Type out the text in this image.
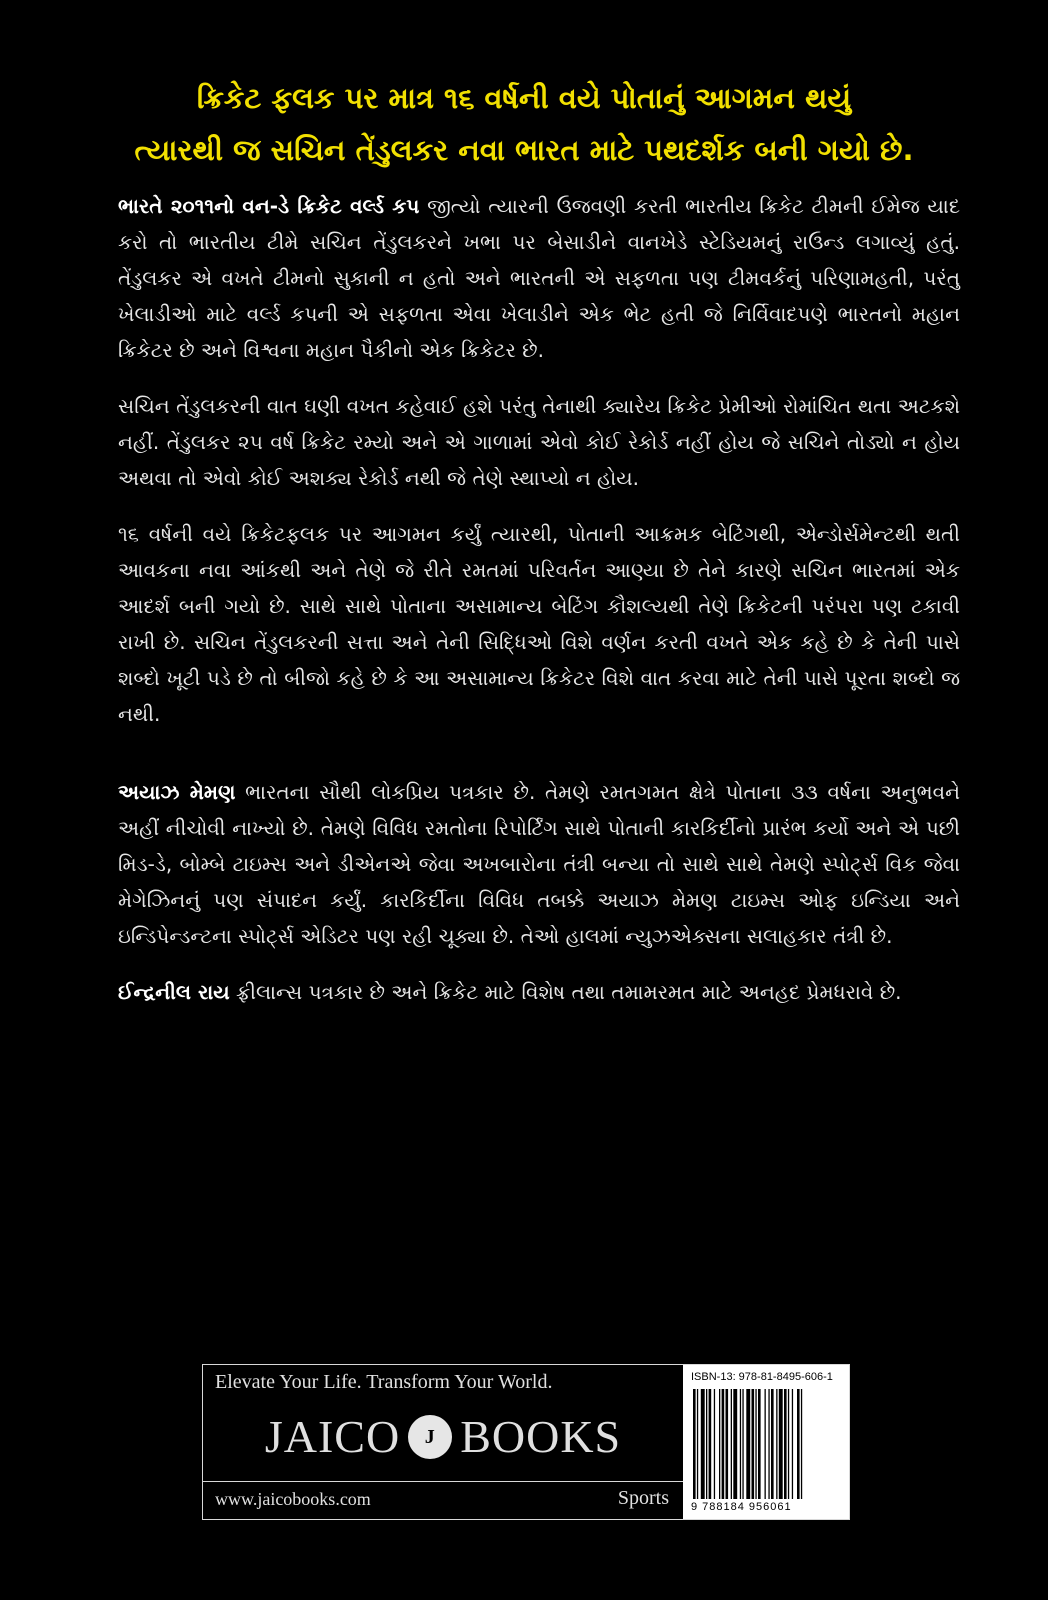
ક્રિકેટ ફલક પર માત્ર ૧૬ વર્ષની વયે પોતાનું આગમન થયું
ત્યારથી જ સચિન તેંડુલકર નવા ભારત માટે પથદર્શક બની ગયો છે.

ભારતે ૨૦૧૧નો વન-ડે ક્રિકેટ વર્લ્ડ કપ જીત્યો ત્યારની ઉજવણી કરતી ભારતીય ક્રિકેટ ટીમની ઈમેજ યાદ કરો તો ભારતીય ટીમે સચિન તેંડુલકરને ખભા પર બેસાડીને વાનખેડે સ્ટેડિયમનું રાઉન્ડ લગાવ્યું હતું. તેંડુલકર એ વખતે ટીમનો સુકાની ન હતો અને ભારતની એ સફળતા પણ ટીમવર્કનું પરિણામહતી, પરંતુ ખેલાડીઓ માટે વર્લ્ડ કપની એ સફળતા એવા ખેલાડીને એક ભેટ હતી જે નિર્વિવાદપણે ભારતનો મહાન ક્રિકેટર છે અને વિશ્વના મહાન પૈકીનો એક ક્રિકેટર છે.

સચિન તેંડુલકરની વાત ઘણી વખત કહેવાઈ હશે પરંતુ તેનાથી ક્યારેય ક્રિકેટ પ્રેમીઓ રોમાંચિત થતા અટકશે નહીં. તેંડુલકર ૨૫ વર્ષ ક્રિકેટ રમ્યો અને એ ગાળામાં એવો કોઈ રેકોર્ડ નહીં હોય જે સચિને તોડ્યો ન હોય અથવા તો એવો કોઈ અશક્ય રેકોર્ડ નથી જે તેણે સ્થાપ્યો ન હોય.

૧૬ વર્ષની વયે ક્રિકેટફલક પર આગમન કર્યું ત્યારથી, પોતાની આક્રમક બેટિંગથી, એન્ડોર્સમેન્ટથી થતી આવકના નવા આંકથી અને તેણે જે રીતે રમતમાં પરિવર્તન આણ્યા છે તેને કારણે સચિન ભારતમાં એક આદર્શ બની ગયો છે. સાથે સાથે પોતાના અસામાન્ય બેટિંગ કૌશલ્યથી તેણે ક્રિકેટની પરંપરા પણ ટકાવી રાખી છે. સચિન તેંડુલકરની સત્તા અને તેની સિદ્ધિઓ વિશે વર્ણન કરતી વખતે એક કહે છે કે તેની પાસે શબ્દો ખૂટી પડે છે તો બીજો કહે છે કે આ અસામાન્ય ક્રિકેટર વિશે વાત કરવા માટે તેની પાસે પૂરતા શબ્દો જ નથી.

અયાઝ મેમણ ભારતના સૌથી લોકપ્રિય પત્રકાર છે. તેમણે રમતગમત ક્ષેત્રે પોતાના ૩૩ વર્ષના અનુભવને અહીં નીચોવી નાખ્યો છે. તેમણે વિવિધ રમતોના રિપોર્ટિંગ સાથે પોતાની કારકિર્દીનો પ્રારંભ કર્યો અને એ પછી મિડ-ડે, બોમ્બે ટાઇમ્સ અને ડીએનએ જેવા અખબારોના તંત્રી બન્યા તો સાથે સાથે તેમણે સ્પોર્ટ્સ વિક જેવા મેગેઝિનનું પણ સંપાદન કર્યું. કારકિર્દીના વિવિધ તબક્કે અયાઝ મેમણ ટાઇમ્સ ઓફ ઇન્ડિયા અને ઇન્ડિપેન્ડન્ટના સ્પોર્ટ્સ એડિટર પણ રહી ચૂક્યા છે. તેઓ હાલમાં ન્યુઝએક્સના સલાહકાર તંત્રી છે.

ઈન્દ્રનીલ રાય ફ્રીલાન્સ પત્રકાર છે અને ક્રિકેટ માટે વિશેષ તથા તમામરમત માટે અનહદ પ્રેમધરાવે છે.

Elevate Your Life. Transform Your World.
JAICO J BOOKS
www.jaicobooks.com	Sports
ISBN-13: 978-81-8495-606-1
9 788184 956061
